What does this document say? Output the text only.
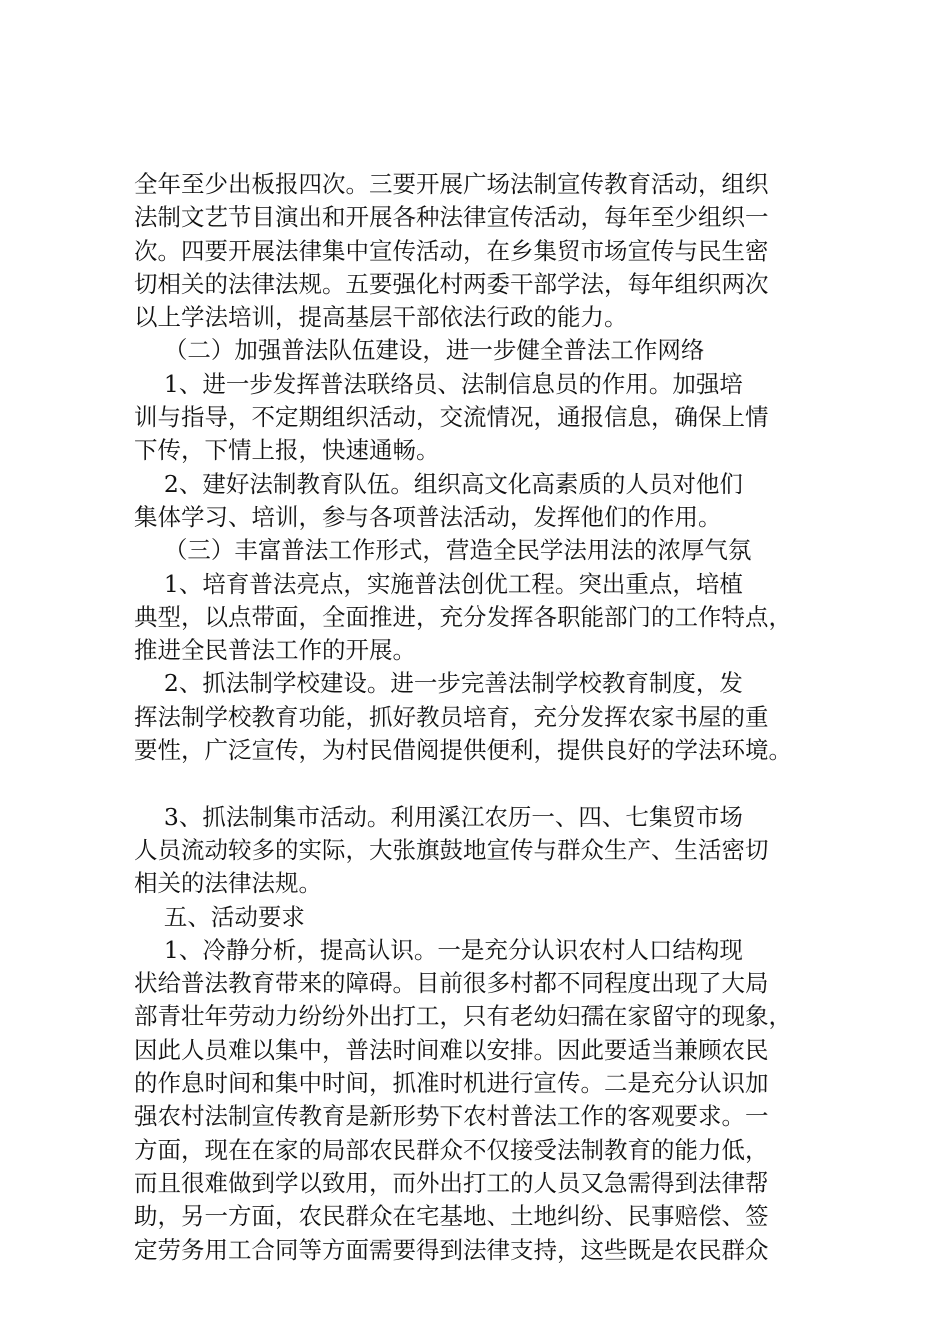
全年至少出板报四次。三要开展广场法制宣传教育活动，组织
法制文艺节目演出和开展各种法律宣传活动，每年至少组织一
次。四要开展法律集中宣传活动，在乡集贸市场宣传与民生密
切相关的法律法规。五要强化村两委干部学法，每年组织两次
以上学法培训，提高基层干部依法行政的能力。
（二）加强普法队伍建设，进一步健全普法工作网络
1、进一步发挥普法联络员、法制信息员的作用。加强培
训与指导，不定期组织活动，交流情况，通报信息，确保上情
下传，下情上报，快速通畅。
2、建好法制教育队伍。组织高文化高素质的人员对他们
集体学习、培训，参与各项普法活动，发挥他们的作用。
（三）丰富普法工作形式，营造全民学法用法的浓厚气氛
1、培育普法亮点，实施普法创优工程。突出重点，培植
典型，以点带面，全面推进，充分发挥各职能部门的工作特点，
推进全民普法工作的开展。
2、抓法制学校建设。进一步完善法制学校教育制度，发
挥法制学校教育功能，抓好教员培育，充分发挥农家书屋的重
要性，广泛宣传，为村民借阅提供便利，提供良好的学法环境。
3、抓法制集市活动。利用溪江农历一、四、七集贸市场
人员流动较多的实际，大张旗鼓地宣传与群众生产、生活密切
相关的法律法规。
五、活动要求
1、冷静分析，提高认识。一是充分认识农村人口结构现
状给普法教育带来的障碍。目前很多村都不同程度出现了大局
部青壮年劳动力纷纷外出打工，只有老幼妇孺在家留守的现象，
因此人员难以集中，普法时间难以安排。因此要适当兼顾农民
的作息时间和集中时间，抓准时机进行宣传。二是充分认识加
强农村法制宣传教育是新形势下农村普法工作的客观要求。一
方面，现在在家的局部农民群众不仅接受法制教育的能力低，
而且很难做到学以致用，而外出打工的人员又急需得到法律帮
助，另一方面，农民群众在宅基地、土地纠纷、民事赔偿、签
定劳务用工合同等方面需要得到法律支持，这些既是农民群众
